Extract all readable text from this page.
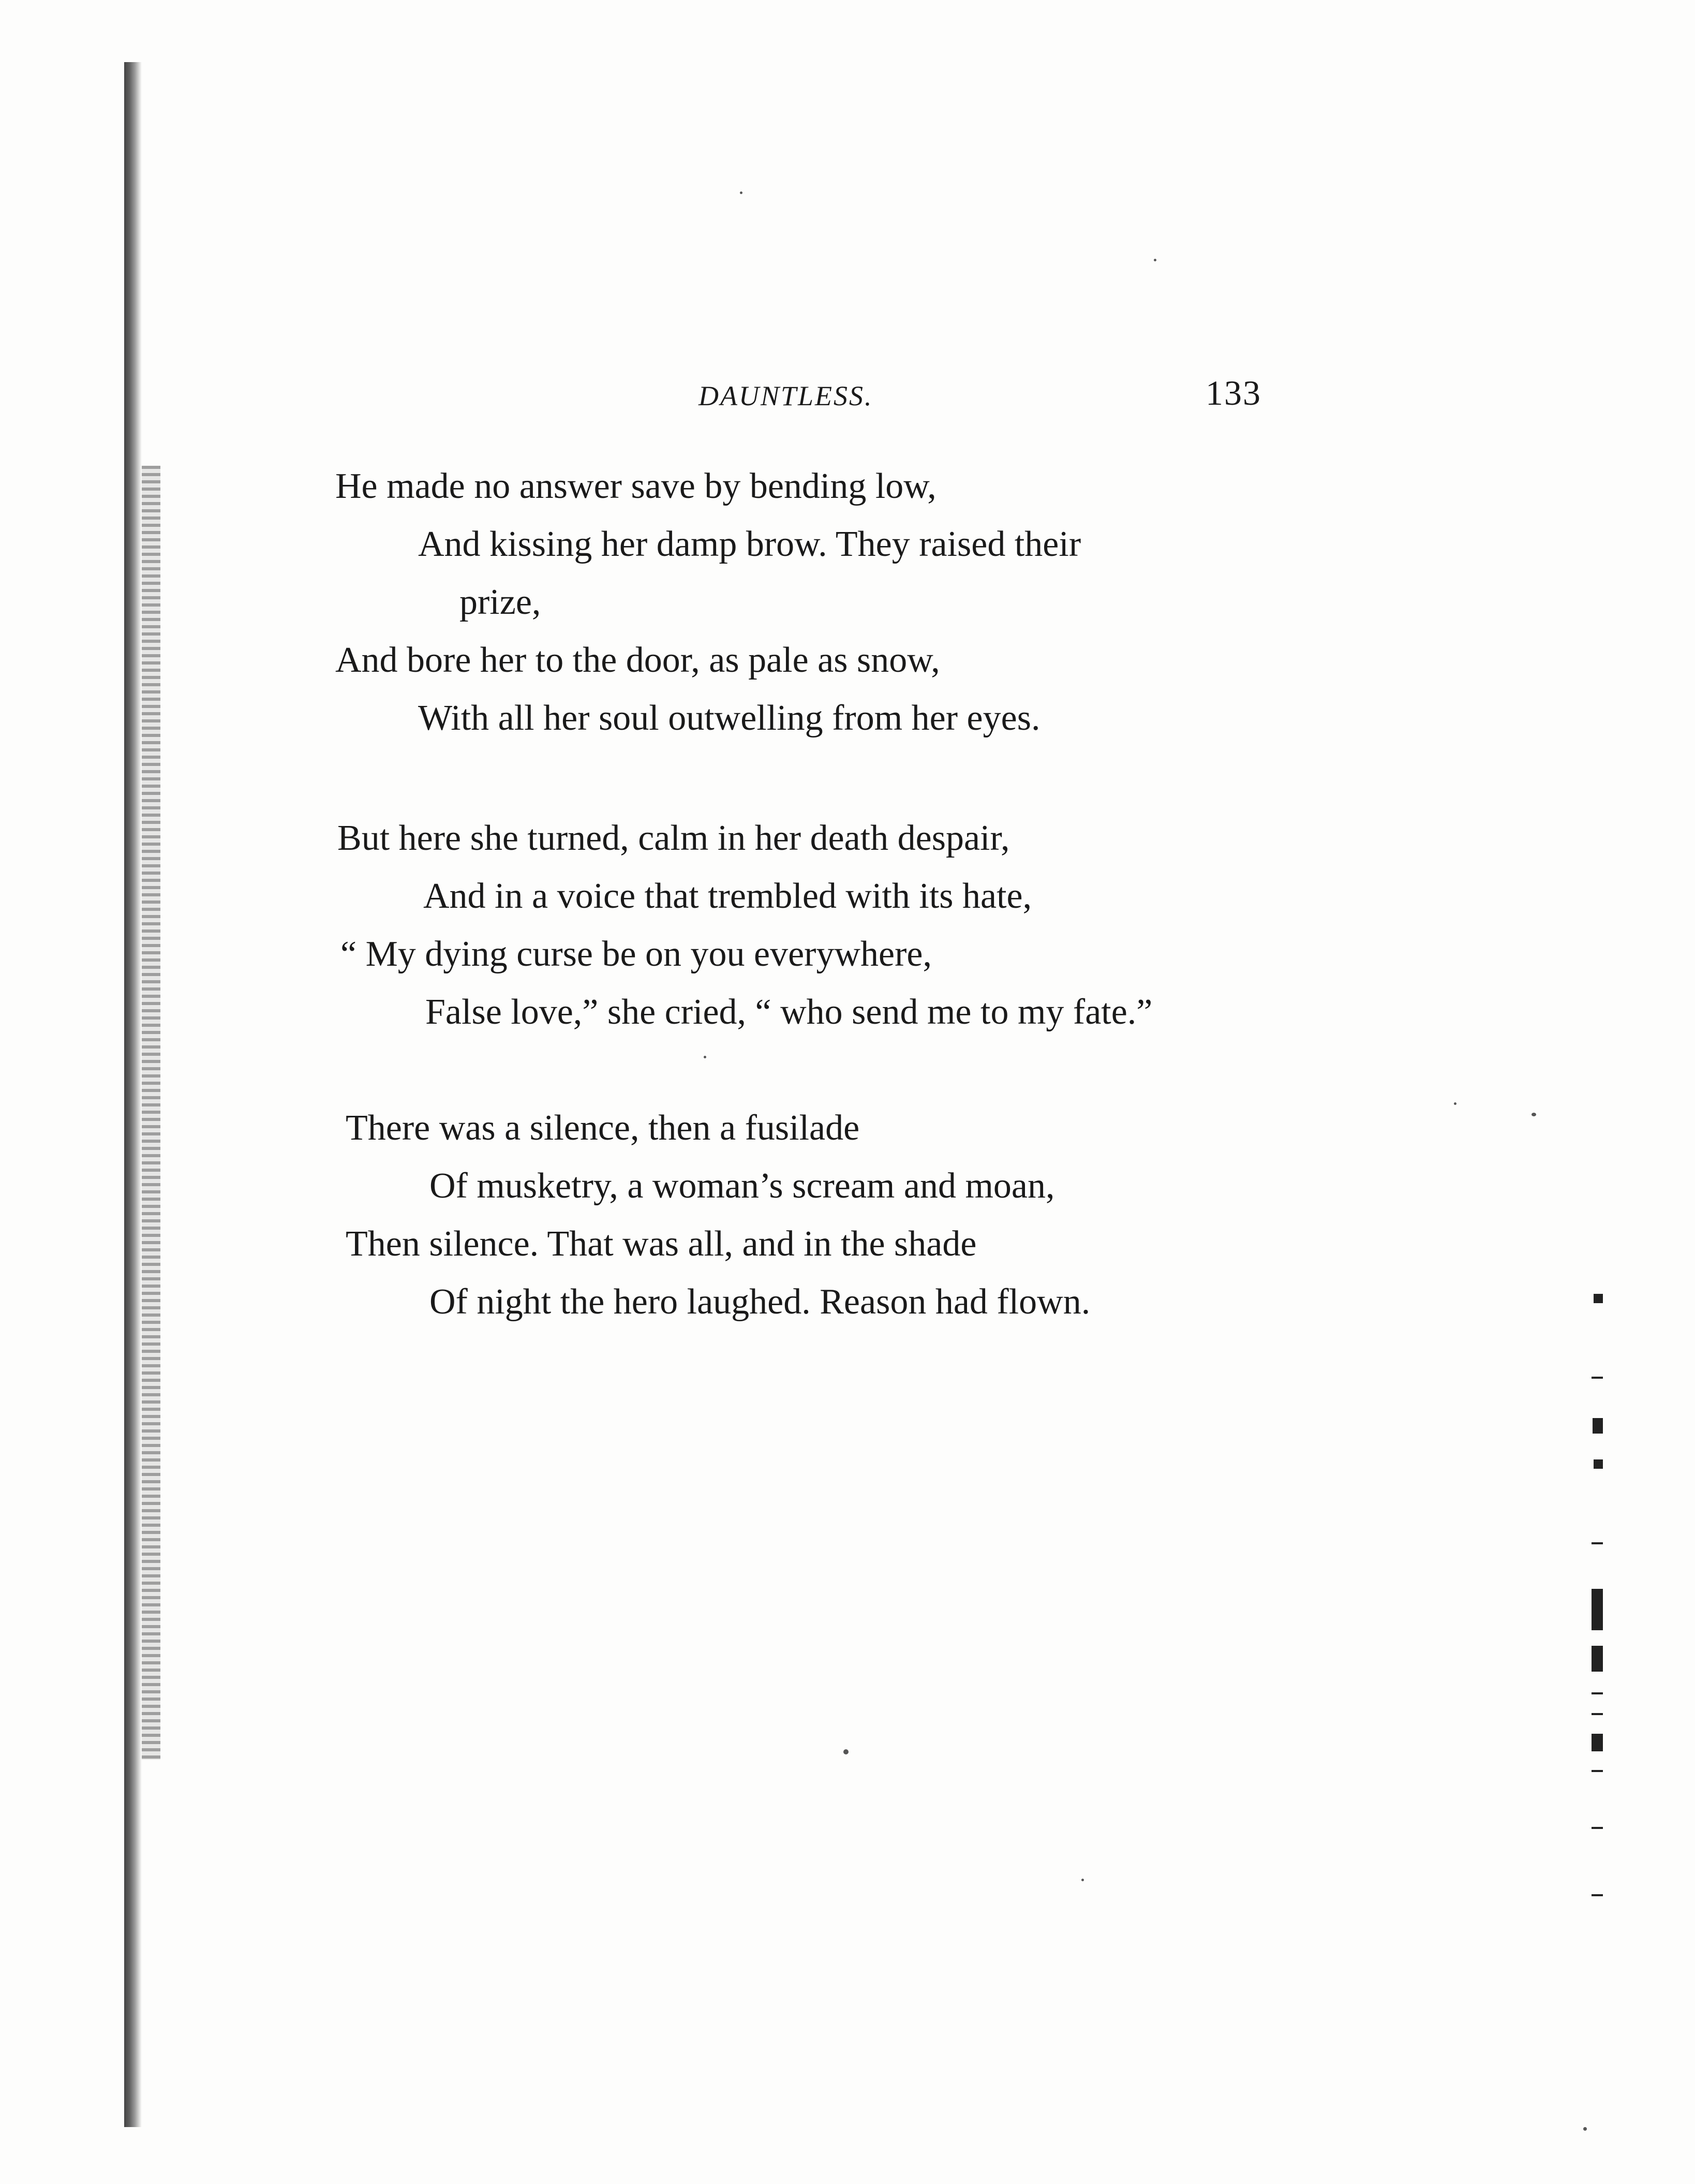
DAUNTLESS.	133
He made no answer save by bending low,
And kissing her damp brow. They raised their
prize,
And bore her to the door, as pale as snow,
With all her soul outwelling from her eyes.
But here she turned, calm in her death despair,
And in a voice that trembled with its hate,
“ My dying curse be on you everywhere,
False love,” she cried, “ who send me to my fate.”
There was a silence, then a fusilade
Of musketry, a woman’s scream and moan,
Then silence. That was all, and in the shade
Of night the hero laughed. Reason had flown.
